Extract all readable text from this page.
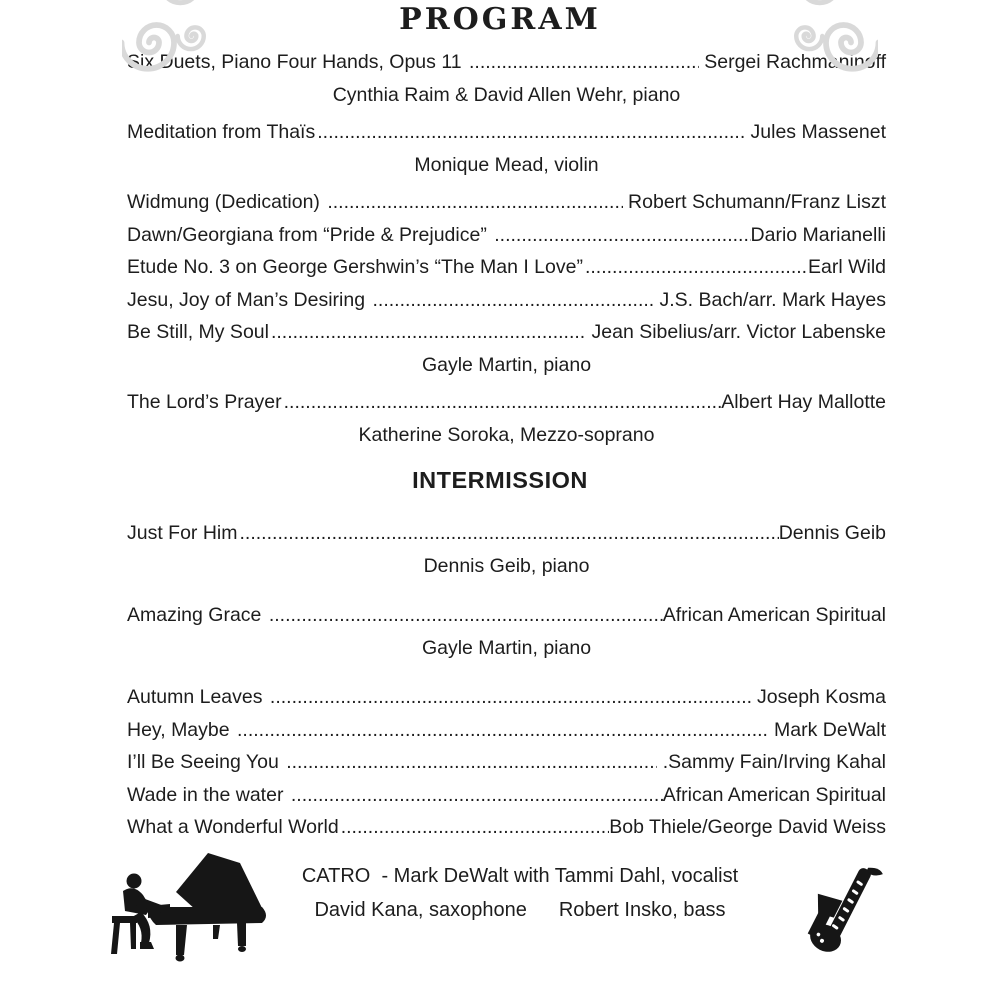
PROGRAM
Six Duets, Piano Four Hands, Opus 11 .....	Sergei Rachmaninoff
Cynthia Raim & David Allen Wehr, piano
Meditation from Thaïs .....	Jules Massenet
Monique Mead, violin
Widmung (Dedication) .....	Robert Schumann/Franz Liszt
Dawn/Georgiana from “Pride & Prejudice” .....	Dario Marianelli
Etude No. 3 on George Gershwin’s “The Man I Love” .....	Earl Wild
Jesu, Joy of Man’s Desiring .....	J.S. Bach/arr. Mark Hayes
Be Still, My Soul .....	Jean Sibelius/arr. Victor Labenske
Gayle Martin, piano
The Lord’s Prayer .....	Albert Hay Mallotte
Katherine Soroka, Mezzo-soprano
INTERMISSION
Just For Him .....	Dennis Geib
Dennis Geib, piano
Amazing Grace .....	African American Spiritual
Gayle Martin, piano
Autumn Leaves .....	Joseph Kosma
Hey, Maybe .....	Mark DeWalt
I’ll Be Seeing You .....	.Sammy Fain/Irving Kahal
Wade in the water .....	African American Spiritual
What a Wonderful World .....	Bob Thiele/George David Weiss
CATRO  - Mark DeWalt with Tammi Dahl, vocalist
David Kana, saxophone Robert Insko, bass
